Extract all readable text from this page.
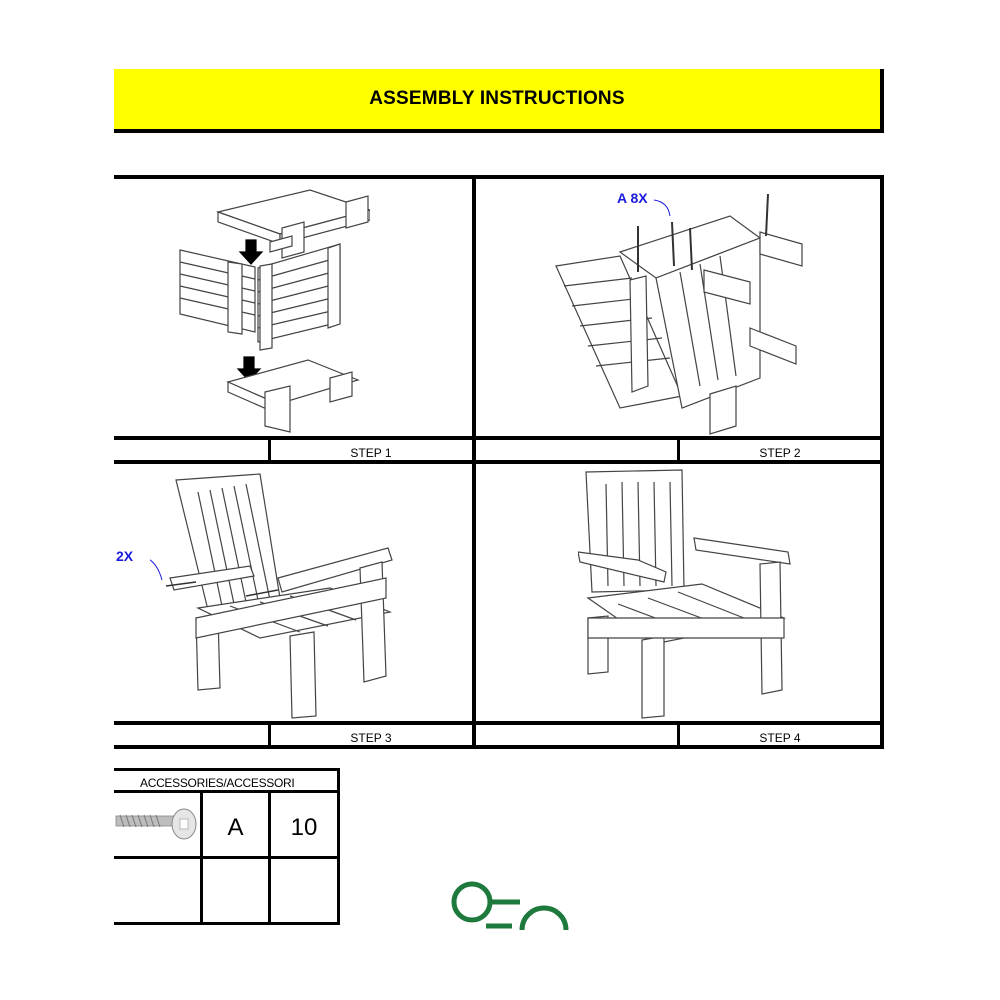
ASSEMBLY INSTRUCTIONS
STEP 1	STEP 2
STEP 3	STEP 4
A 8X
2X
ACCESSORIES/ACCESSORI
A	10
